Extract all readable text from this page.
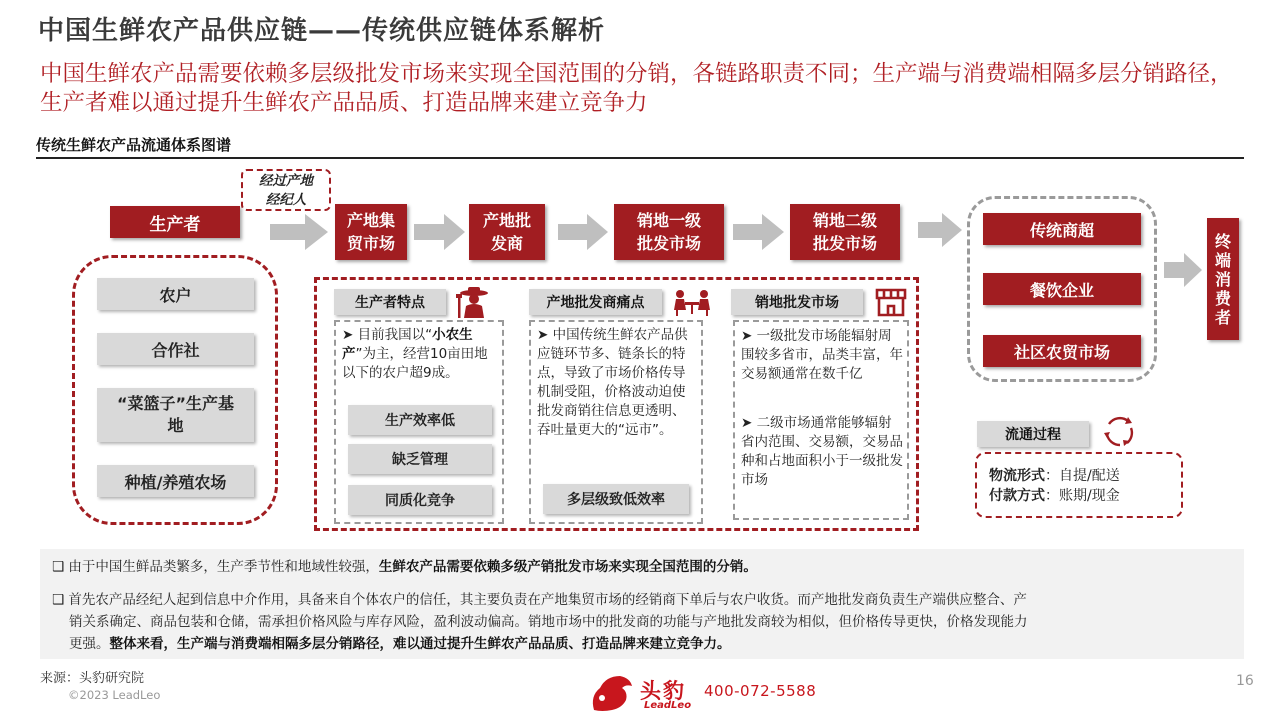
中国生鲜农产品供应链——传统供应链体系解析
中国生鲜农产品需要依赖多层级批发市场来实现全国范围的分销，各链路职责不同；生产端与消费端相隔多层分销路径，生产者难以通过提升生鲜农产品品质、打造品牌来建立竞争力
传统生鲜农产品流通体系图谱
经过产地
经纪人
生产者	产地集
贸市场
产地批
发商
销地一级
批发市场
销地二级
批发市场
传统商超
餐饮企业
社区农贸市场
终
端
消
费
者
农户
合作社
“菜篮子”生产基
地
种植/养殖农场
生产者特点
➤ 目前我国以“小农生产”为主，经营10亩田地以下的农户超9成。
生产效率低
缺乏管理
同质化竞争
产地批发商痛点
➤ 中国传统生鲜农产品供应链环节多、链条长的特点，导致了市场价格传导机制受阻，价格波动迫使批发商销往信息更透明、吞吐量更大的“远市”。
多层级致低效率
销地批发市场
➤ 一级批发市场能辐射周围较多省市，品类丰富，年交易额通常在数千亿
➤ 二级市场通常能够辐射省内范围、交易额，交易品种和占地面积小于一级批发市场
流通过程
物流形式：自提/配送
付款方式：账期/现金
❑ 由于中国生鲜品类繁多，生产季节性和地域性较强，生鲜农产品需要依赖多级产销批发市场来实现全国范围的分销。
❑ 首先农产品经纪人起到信息中介作用，具备来自个体农户的信任，其主要负责在产地集贸市场的经销商下单后与农户收货。而产地批发商负责生产端供应整合、产
销关系确定、商品包装和仓储，需承担价格风险与库存风险，盈利波动偏高。销地市场中的批发商的功能与产地批发商较为相似，但价格传导更快，价格发现能力
更强。整体来看，生产端与消费端相隔多层分销路径，难以通过提升生鲜农产品品质、打造品牌来建立竞争力。
来源：头豹研究院
©2023 LeadLeo	头豹
LeadLeo
400-072-5588
16
